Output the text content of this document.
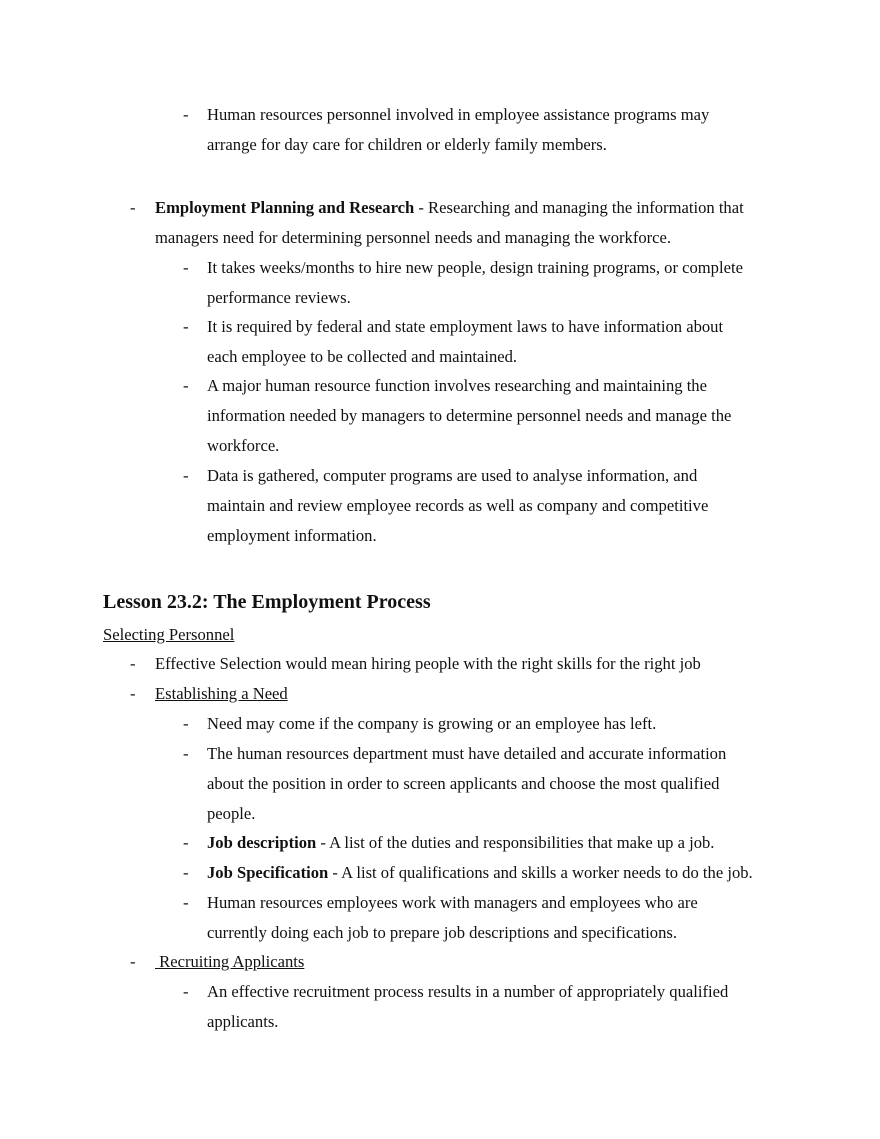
- Human resources personnel involved in employee assistance programs may
arrange for day care for children or elderly family members.
- Employment Planning and Research - Researching and managing the information that
managers need for determining personnel needs and managing the workforce.
- It takes weeks/months to hire new people, design training programs, or complete
performance reviews.
- It is required by federal and state employment laws to have information about
each employee to be collected and maintained.
- A major human resource function involves researching and maintaining the
information needed by managers to determine personnel needs and manage the
workforce.
- Data is gathered, computer programs are used to analyse information, and
maintain and review employee records as well as company and competitive
employment information.
Lesson 23.2: The Employment Process
Selecting Personnel
- Effective Selection would mean hiring people with the right skills for the right job
- Establishing a Need
- Need may come if the company is growing or an employee has left.
- The human resources department must have detailed and accurate information
about the position in order to screen applicants and choose the most qualified
people.
- Job description - A list of the duties and responsibilities that make up a job.
- Job Specification - A list of qualifications and skills a worker needs to do the job.
- Human resources employees work with managers and employees who are
currently doing each job to prepare job descriptions and specifications.
- Recruiting Applicants
- An effective recruitment process results in a number of appropriately qualified
applicants.
